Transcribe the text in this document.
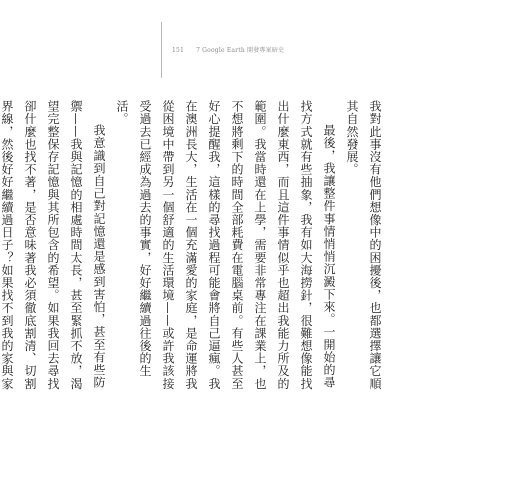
151 7 Google Earth 開發專案暗史

我對此事沒有他們想像中的困擾後，也都選擇讓它順其自然發展。

最後，我讓整件事情悄悄沉澱下來。一開始的尋找方式就有些抽象，我有如大海撈針，很難想像能找出什麼東西，而且這件事情似乎也超出我能力所及的範圍。我當時還在上學，需要非常專注在課業上，也不想將剩下的時間全部耗費在電腦桌前。有些人甚至好心提醒我，這樣的尋找過程可能會將自己逼瘋。我在澳洲長大，生活在一個充滿愛的家庭，是命運將我從困境中帶到另一個舒適的生活環境——或許我該接受過去已經成為過去的事實，好好繼續過往後的生活。

我意識到自己對記憶還是感到害怕，甚至有些防禦——我與記憶的相處時間太長，甚至緊抓不放，渴望完整保存記憶與其所包含的希望。如果我回去尋找卻什麼也找不著，是否意味著我必須徹底割清、切割界線，然後好好繼續過日子？如果找不到我的家與家
